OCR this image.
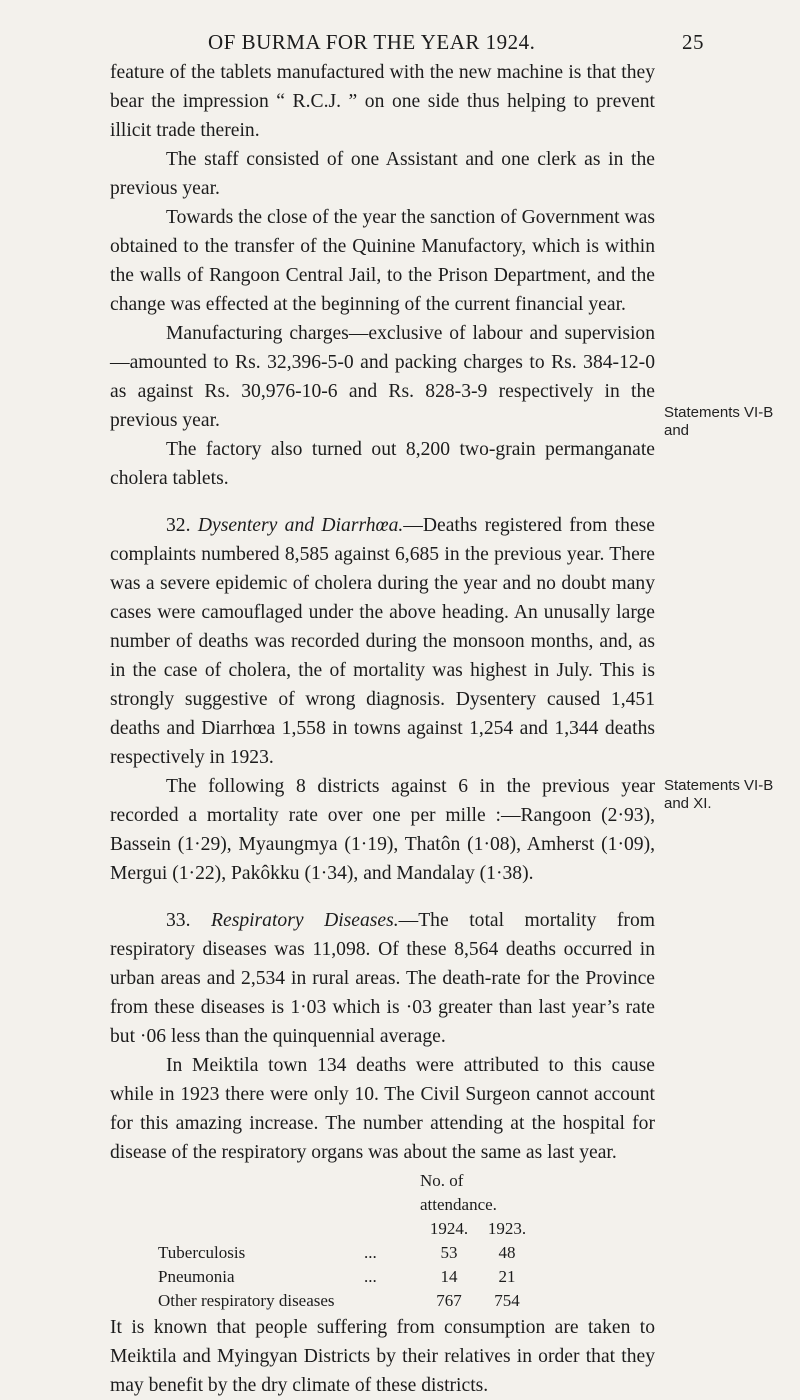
OF BURMA FOR THE YEAR 1924.	25
Statements VI-B and
Statements VI-B and XI.

feature of the tablets manufactured with the new machine is that they bear the impression “ R.C.J. ” on one side thus helping to prevent illicit trade therein.

The staff consisted of one Assistant and one clerk as in the previous year.

Towards the close of the year the sanction of Government was obtained to the transfer of the Quinine Manufactory, which is within the walls of Rangoon Central Jail, to the Prison Department, and the change was effected at the beginning of the current financial year.

Manufacturing charges—exclusive of labour and supervision—amounted to Rs. 32,396-5-0 and packing charges to Rs. 384-12-0 as against Rs. 30,976-10-6 and Rs. 828-3-9 respectively in the previous year.

The factory also turned out 8,200 two-grain permanganate cholera tablets.

32. Dysentery and Diarrhœa.—Deaths registered from these complaints numbered 8,585 against 6,685 in the previous year. There was a severe epidemic of cholera during the year and no doubt many cases were camouflaged under the above heading. An unusally large number of deaths was recorded during the monsoon months, and, as in the case of cholera, the of mortality was highest in July. This is strongly suggestive of wrong diagnosis. Dysentery caused 1,451 deaths and Diarrhœa 1,558 in towns against 1,254 and 1,344 deaths respectively in 1923.

The following 8 districts against 6 in the previous year recorded a mortality rate over one per mille :—Rangoon (2·93), Bassein (1·29), Myaungmya (1·19), Thatôn (1·08), Amherst (1·09), Mergui (1·22), Pakôkku (1·34), and Mandalay (1·38).

33. Respiratory Diseases.—The total mortality from respiratory diseases was 11,098. Of these 8,564 deaths occurred in urban areas and 2,534 in rural areas. The death-rate for the Province from these diseases is 1·03 which is ·03 greater than last year’s rate but ·06 less than the quinquennial average.

In Meiktila town 134 deaths were attributed to this cause while in 1923 there were only 10. The Civil Surgeon cannot account for this amazing increase. The number attending at the hospital for disease of the respiratory organs was about the same as last year.

		No. of attendance.	
		1924.	1923.
Tuberculosis	...	53	48
Pneumonia	...	14	21
Other respiratory diseases		767	754

It is known that people suffering from consumption are taken to Meiktila and Myingyan Districts by their relatives in order that they may benefit by the dry climate of these districts.
